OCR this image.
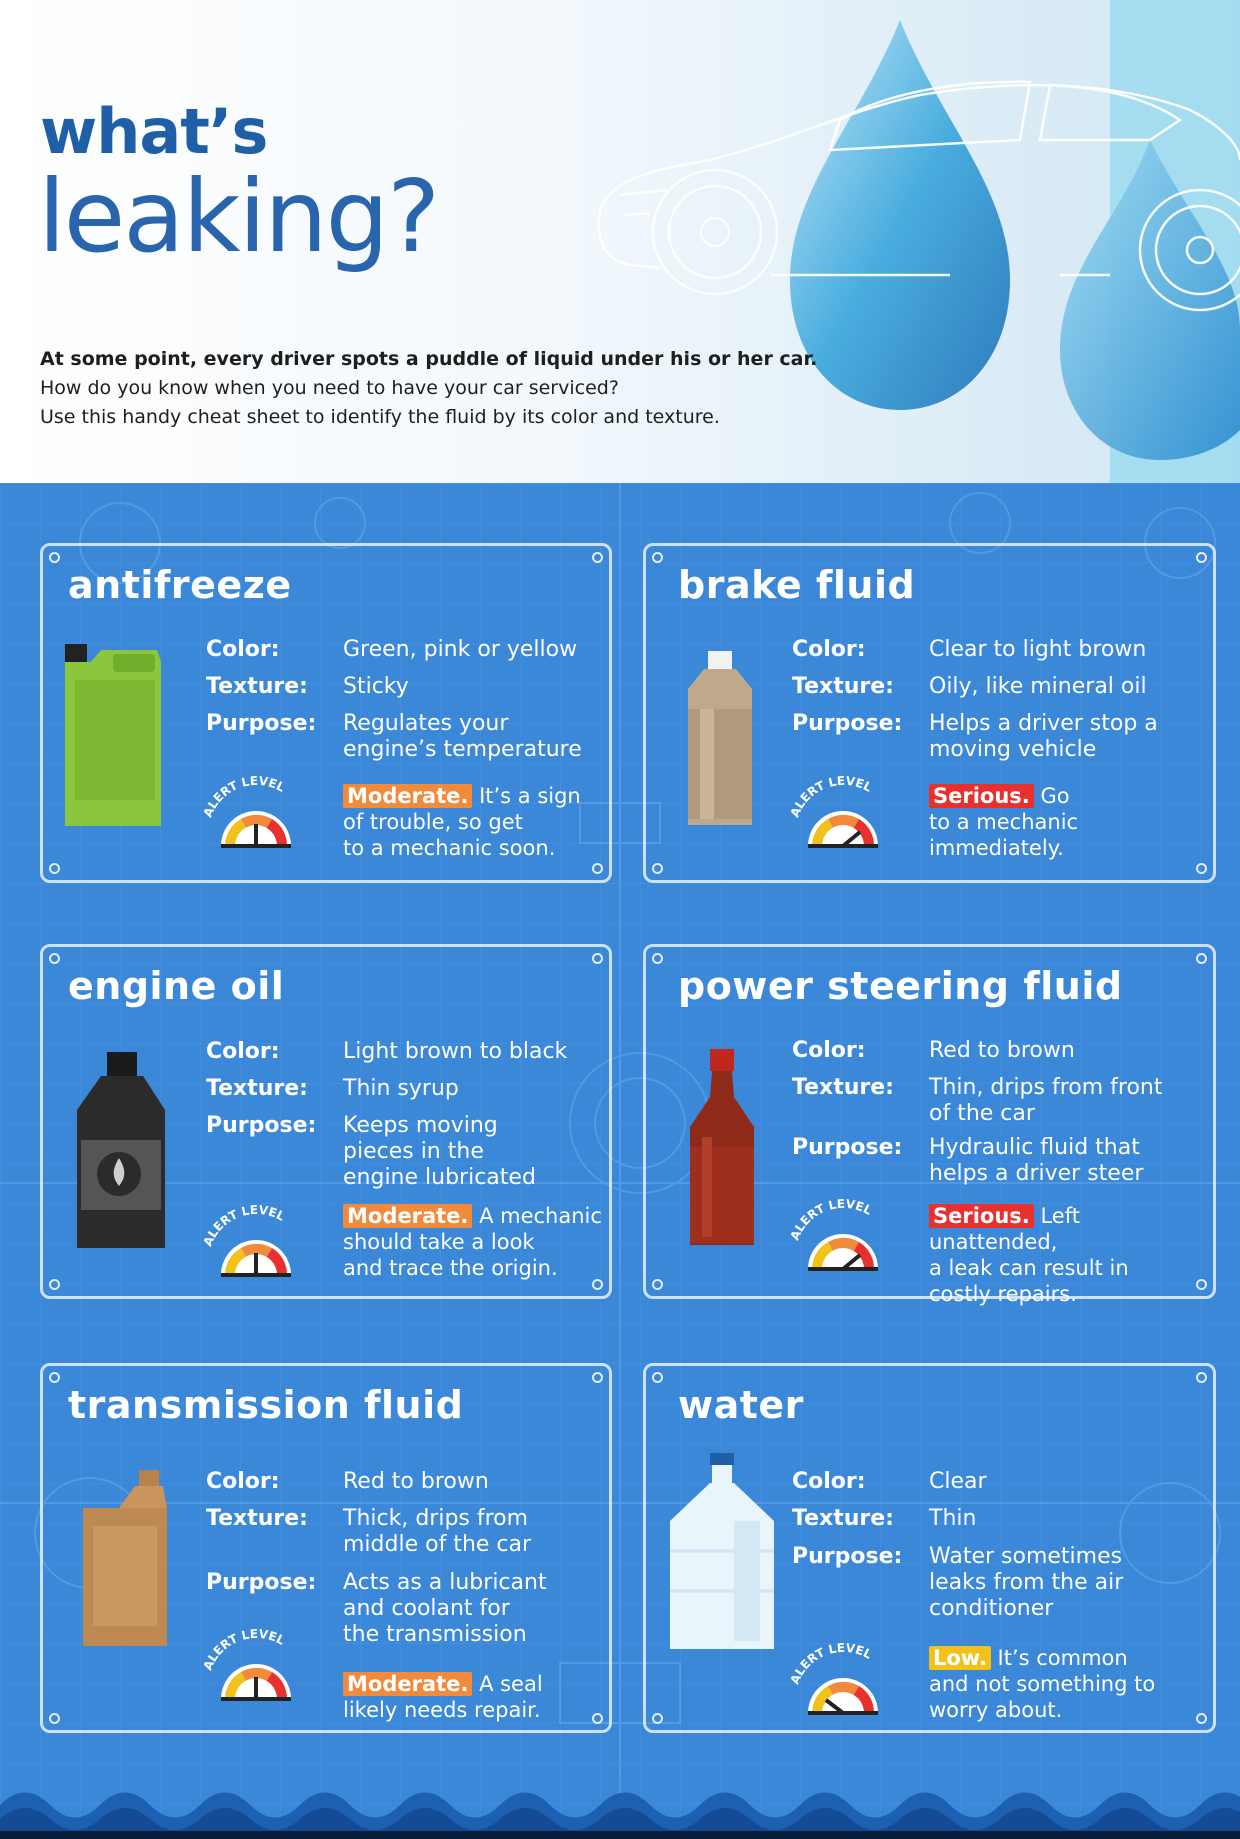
what’s
leaking?
At some point, every driver spots a puddle of liquid under his or her car.
How do you know when you need to have your car serviced?
Use this handy cheat sheet to identify the fluid by its color and texture.
antifreeze
Color:	Green, pink or yellow
Texture: Sticky
Purpose: Regulates your
engine’s temperature
ALERT LEVEL	Moderate. It’s a sign
of trouble, so get
to a mechanic soon.
brake fluid
Color:	Clear to light brown
Texture: Oily, like mineral oil
Purpose: Helps a driver stop a
moving vehicle
ALERT LEVEL	Serious. Go
to a mechanic
immediately.
engine oil
Color:	Light brown to black
Texture: Thin syrup
Purpose: Keeps moving
pieces in the
engine lubricated
ALERT LEVEL	Moderate. A mechanic
should take a look
and trace the origin.
power steering fluid
Color:	Red to brown
Texture: Thin, drips from front
of the car
Purpose: Hydraulic fluid that
helps a driver steer
ALERT LEVEL	Serious. Left unattended,
a leak can result in
costly repairs.
transmission fluid
Color:	Red to brown
Texture: Thick, drips from
middle of the car
Purpose: Acts as a lubricant
and coolant for
the transmission
ALERT LEVEL
Moderate. A seal
likely needs repair.
water
Color:	Clear
Texture: Thin
Purpose: Water sometimes
leaks from the air
conditioner
ALERT LEVEL	Low. It’s common
and not something to
worry about.
